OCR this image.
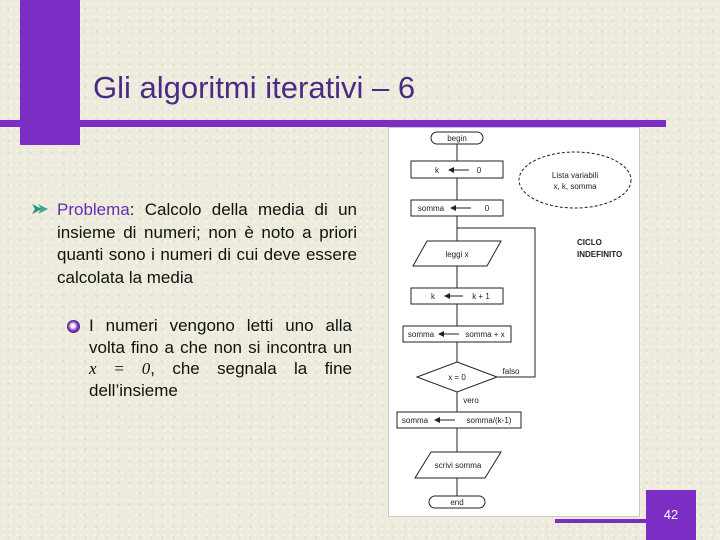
Gli algoritmi iterativi – 6
Problema: Calcolo della media di un insieme di numeri; non è noto a priori quanti sono i numeri di cui deve essere calcolata la media
I numeri vengono letti uno alla volta fino a che non si incontra un x = 0, che segnala la fine dell’insieme
begin
k	0
Lista variabili
x, k, somma
somma	0
leggi x
CICLO
INDEFINITO
k	k + 1
somma	somma + x
x = 0
falso
vero
somma	somma/(k-1)
scrivi somma
end
42
